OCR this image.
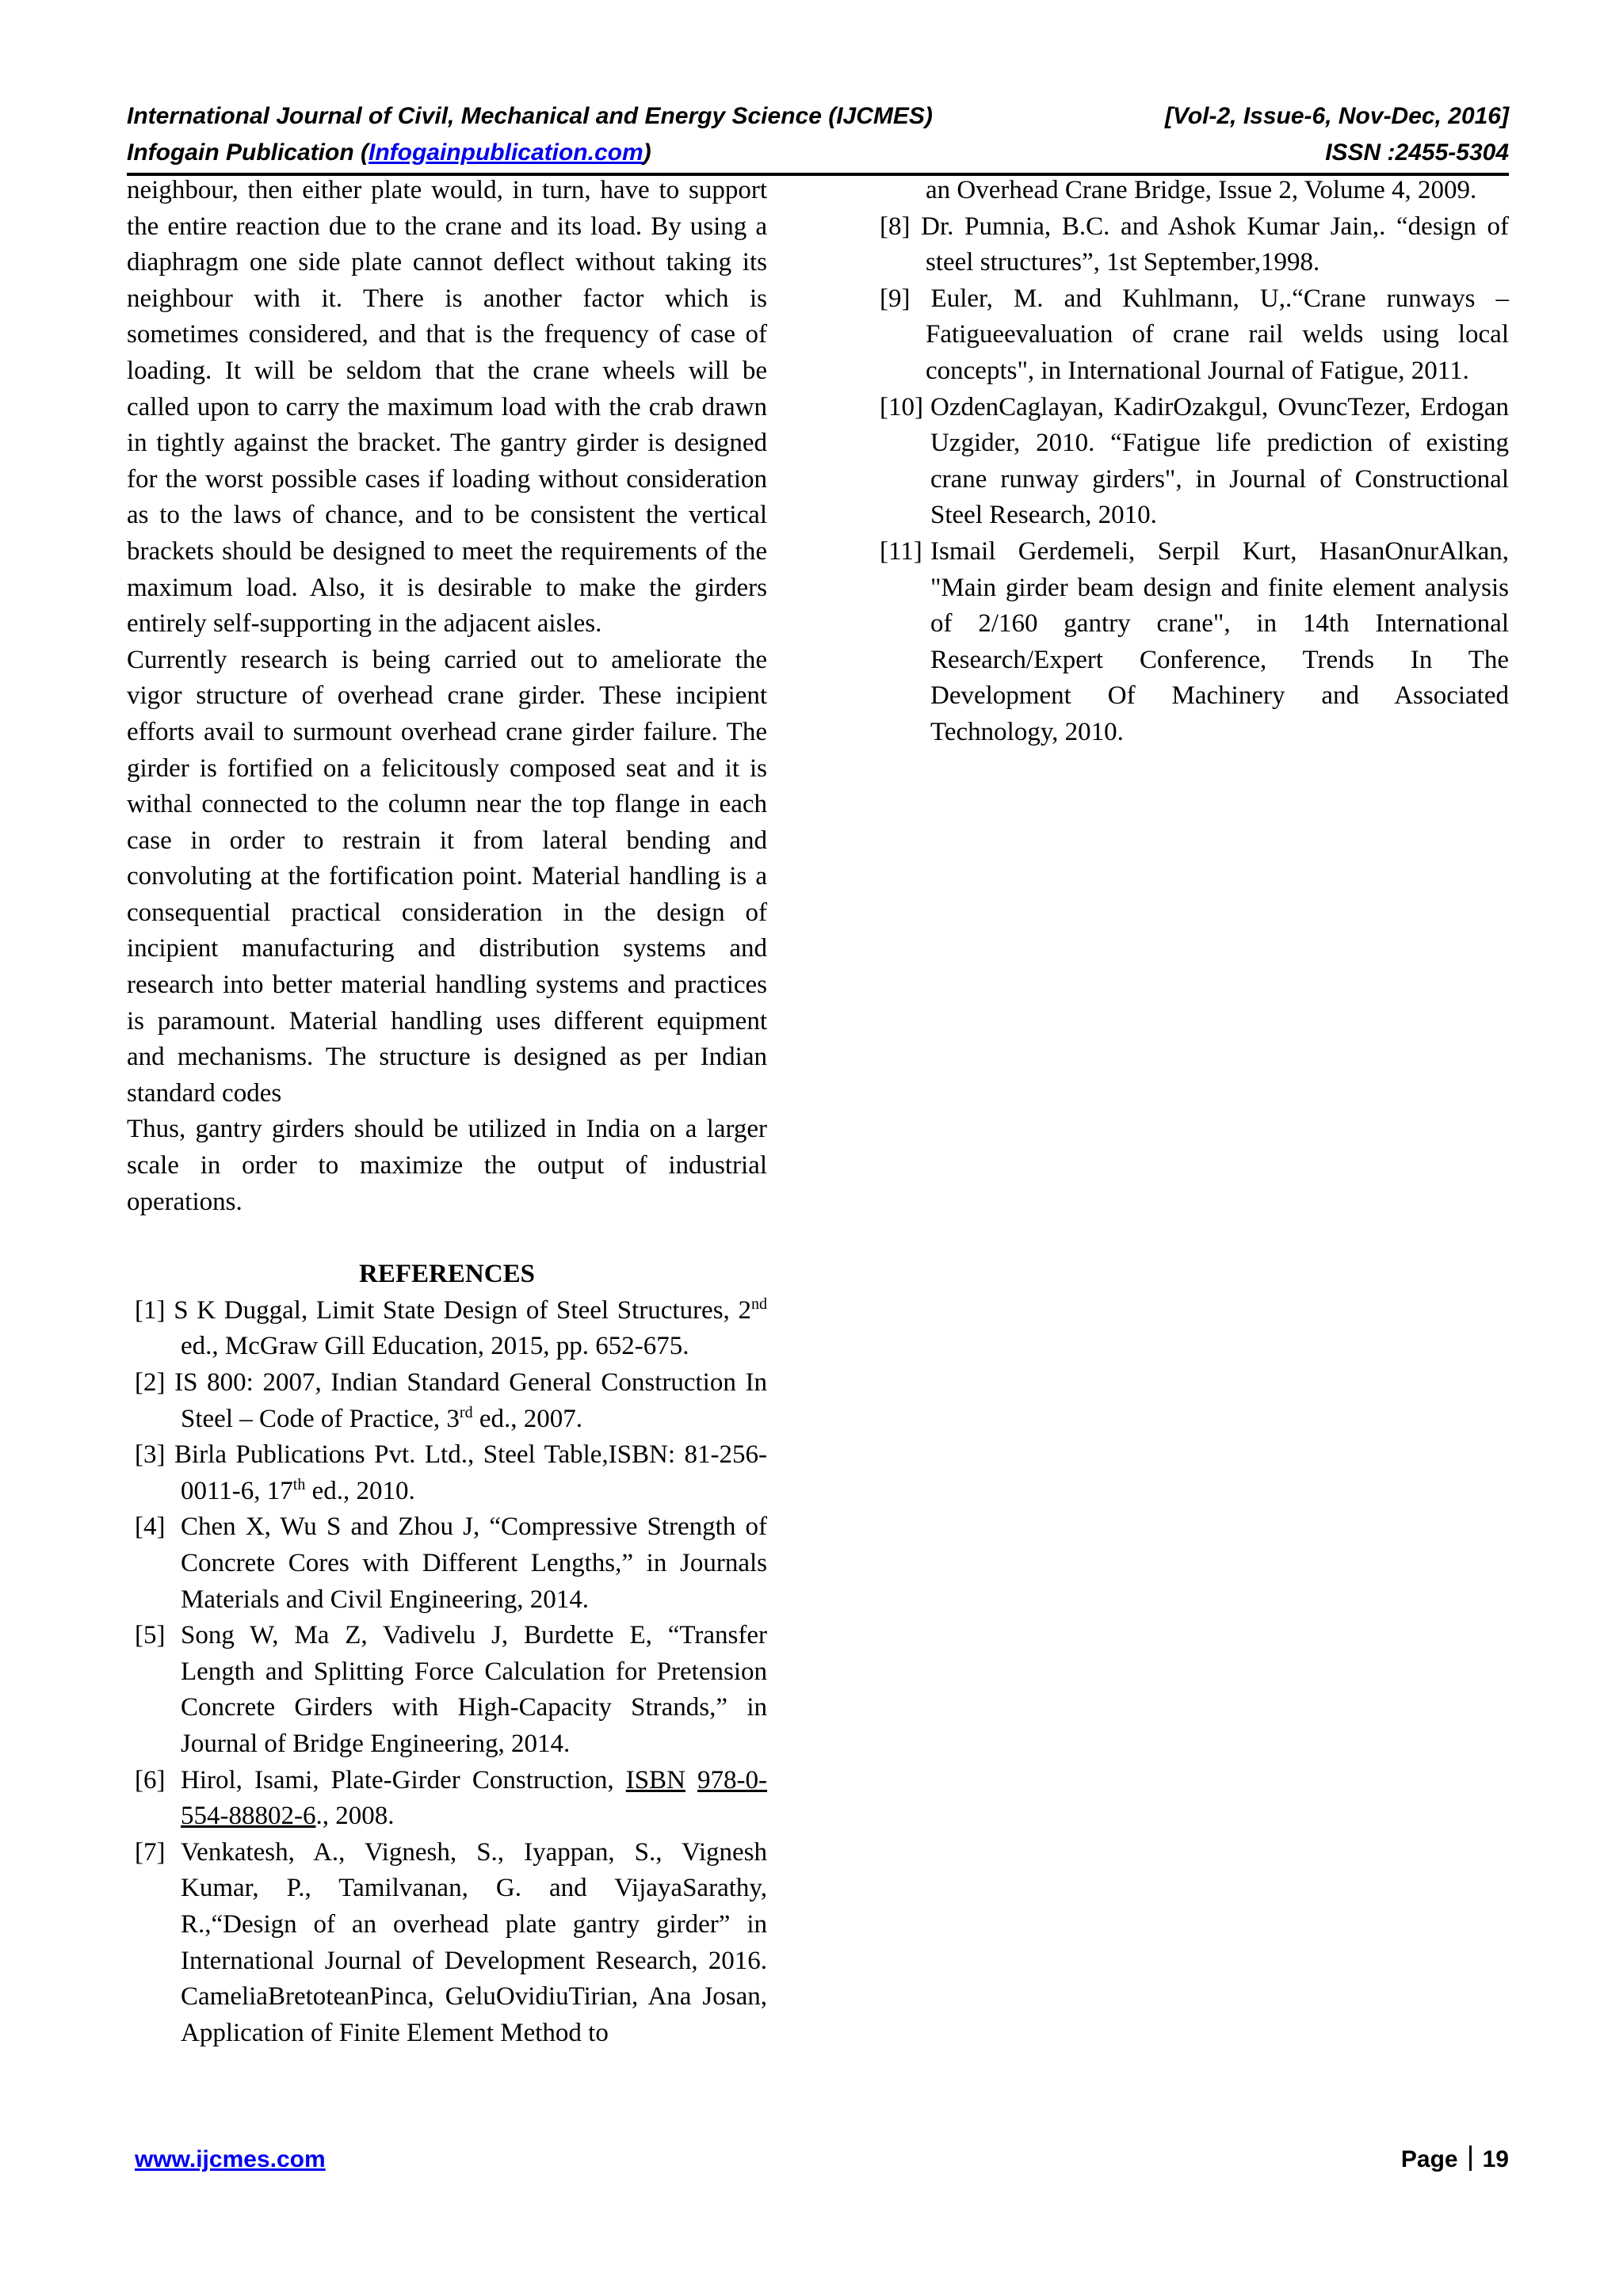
International Journal of Civil, Mechanical and Energy Science (IJCMES)	[Vol-2, Issue-6, Nov-Dec, 2016]
Infogain Publication (Infogainpublication.com)	ISSN :2455-5304

neighbour, then either plate would, in turn, have to support the entire reaction due to the crane and its load. By using a diaphragm one side plate cannot deflect without taking its neighbour with it. There is another factor which is sometimes considered, and that is the frequency of case of loading. It will be seldom that the crane wheels will be called upon to carry the maximum load with the crab drawn in tightly against the bracket. The gantry girder is designed for the worst possible cases if loading without consideration as to the laws of chance, and to be consistent the vertical brackets should be designed to meet the requirements of the maximum load. Also, it is desirable to make the girders entirely self-supporting in the adjacent aisles.

Currently research is being carried out to ameliorate the vigor structure of overhead crane girder. These incipient efforts avail to surmount overhead crane girder failure. The girder is fortified on a felicitously composed seat and it is withal connected to the column near the top flange in each case in order to restrain it from lateral bending and convoluting at the fortification point. Material handling is a consequential practical consideration in the design of incipient manufacturing and distribution systems and research into better material handling systems and practices is paramount. Material handling uses different equipment and mechanisms. The structure is designed as per Indian standard codes

Thus, gantry girders should be utilized in India on a larger scale in order to maximize the output of industrial operations.

REFERENCES

[1] S K Duggal, Limit State Design of Steel Structures, 2nd ed., McGraw Gill Education, 2015, pp. 652-675.

[2] IS 800: 2007, Indian Standard General Construction In Steel – Code of Practice, 3rd ed., 2007.

[3] Birla Publications Pvt. Ltd., Steel Table,ISBN: 81-256-0011-6, 17th ed., 2010.

[4] Chen X, Wu S and Zhou J, “Compressive Strength of Concrete Cores with Different Lengths,” in Journals Materials and Civil Engineering, 2014.
[5] Song W, Ma Z, Vadivelu J, Burdette E, “Transfer Length and Splitting Force Calculation for Pretension Concrete Girders with High-Capacity Strands,” in Journal of Bridge Engineering, 2014.
[6] Hirol, Isami, Plate-Girder Construction, ISBN 978-0-554-88802-6., 2008.
[7] Venkatesh, A., Vignesh, S., Iyappan, S., Vignesh Kumar, P., Tamilvanan, G. and VijayaSarathy, R.,“Design of an overhead plate gantry girder” in International Journal of Development Research, 2016. CameliaBretoteanPinca, GeluOvidiuTirian, Ana Josan, Application of Finite Element Method to

an Overhead Crane Bridge, Issue 2, Volume 4, 2009.

[8] Dr. Pumnia, B.C. and Ashok Kumar Jain,. “design of steel structures”, 1st September,1998.

[9] Euler, M. and Kuhlmann, U,.“Crane runways – Fatigueevaluation of crane rail welds using local concepts", in International Journal of Fatigue, 2011.

[10] OzdenCaglayan, KadirOzakgul, OvuncTezer, Erdogan Uzgider, 2010. “Fatigue life prediction of existing crane runway girders", in Journal of Constructional Steel Research, 2010.
[11] Ismail Gerdemeli, Serpil Kurt, HasanOnurAlkan, "Main girder beam design and finite element analysis of 2/160 gantry crane", in 14th International Research/Expert Conference, Trends In The Development Of Machinery and Associated Technology, 2010.
www.ijcmes.com	Page 19
